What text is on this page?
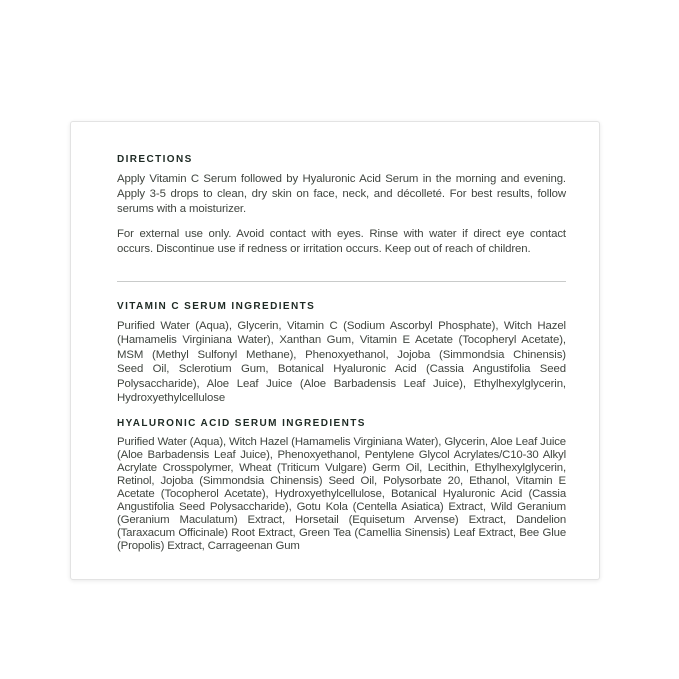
DIRECTIONS

Apply Vitamin C Serum followed by Hyaluronic Acid Serum in the morning and evening. Apply 3-5 drops to clean, dry skin on face, neck, and décolleté. For best results, follow serums with a moisturizer.

For external use only. Avoid contact with eyes. Rinse with water if direct eye contact occurs. Discontinue use if redness or irritation occurs. Keep out of reach of children.

VITAMIN C SERUM INGREDIENTS

Purified Water (Aqua), Glycerin, Vitamin C (Sodium Ascorbyl Phosphate), Witch Hazel (Hamamelis Virginiana Water), Xanthan Gum, Vitamin E Acetate (Tocopheryl Acetate), MSM (Methyl Sulfonyl Methane), Phenoxyethanol, Jojoba (Simmondsia Chinensis) Seed Oil, Sclerotium Gum, Botanical Hyaluronic Acid (Cassia Angustifolia Seed Polysaccharide), Aloe Leaf Juice (Aloe Barbadensis Leaf Juice), Ethylhexylglycerin, Hydroxyethylcellulose

HYALURONIC ACID SERUM INGREDIENTS

Purified Water (Aqua), Witch Hazel (Hamamelis Virginiana Water), Glycerin, Aloe Leaf Juice (Aloe Barbadensis Leaf Juice), Phenoxyethanol, Pentylene Glycol Acrylates/C10-30 Alkyl Acrylate Crosspolymer, Wheat (Triticum Vulgare) Germ Oil, Lecithin, Ethylhexylglycerin, Retinol, Jojoba (Simmondsia Chinensis) Seed Oil, Polysorbate 20, Ethanol, Vitamin E Acetate (Tocopherol Acetate), Hydroxyethylcellulose, Botanical Hyaluronic Acid (Cassia Angustifolia Seed Polysaccharide), Gotu Kola (Centella Asiatica) Extract, Wild Geranium (Geranium Maculatum) Extract, Horsetail (Equisetum Arvense) Extract, Dandelion (Taraxacum Officinale) Root Extract, Green Tea (Camellia Sinensis) Leaf Extract, Bee Glue (Propolis) Extract, Carrageenan Gum
